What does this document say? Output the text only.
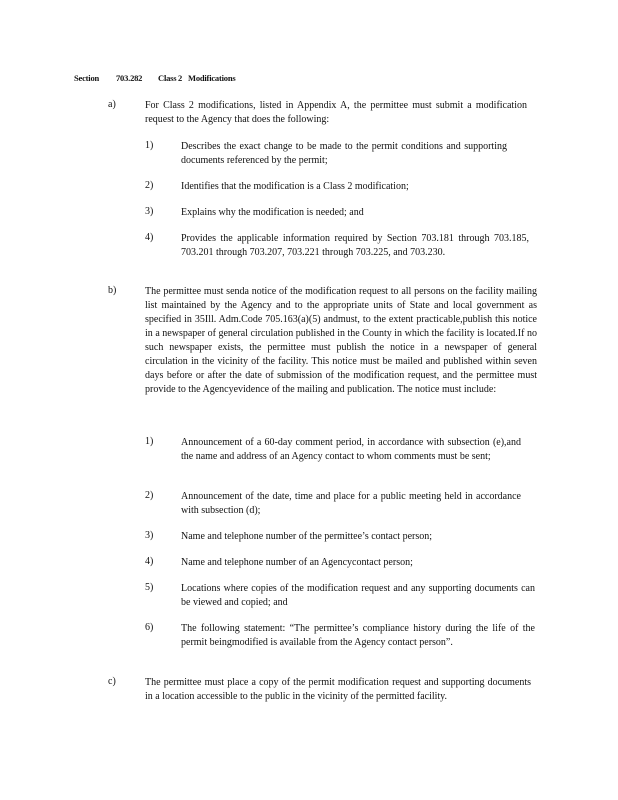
Section 703.282 Class 2 Modifications
a)	For Class 2 modifications, listed in Appendix A, the permittee must submit a modification request to the Agency that does the following:
1)	Describes the exact change to be made to the permit conditions and supporting documents referenced by the permit;
2)	Identifies that the modification is a Class 2 modification;
3)	Explains why the modification is needed; and
4)	Provides the applicable information required by Section 703.181 through 703.185, 703.201 through 703.207, 703.221 through 703.225, and 703.230.
b)	The permittee must senda notice of the modification request to all persons on the facility mailing list maintained by the Agency and to the appropriate units of State and local government as specified in 35Ill. Adm.Code 705.163(a)(5) andmust, to the extent practicable,publish this notice in a newspaper of general circulation published in the County in which the facility is located.If no such newspaper exists, the permittee must publish the notice in a newspaper of general circulation in the vicinity of the facility. This notice must be mailed and published within seven days before or after the date of submission of the modification request, and the permittee must provide to the Agencyevidence of the mailing and publication. The notice must include:
1)	Announcement of a 60-day comment period, in accordance with subsection (e),and the name and address of an Agency contact to whom comments must be sent;
2)	Announcement of the date, time and place for a public meeting held in accordance with subsection (d);
3)	Name and telephone number of the permittee’s contact person;
4)	Name and telephone number of an Agencycontact person;
5)	Locations where copies of the modification request and any supporting documents can be viewed and copied; and
6)	The following statement: “The permittee’s compliance history during the life of the permit beingmodified is available from the Agency contact person”.
c)	The permittee must place a copy of the permit modification request and supporting documents in a location accessible to the public in the vicinity of the permitted facility.
